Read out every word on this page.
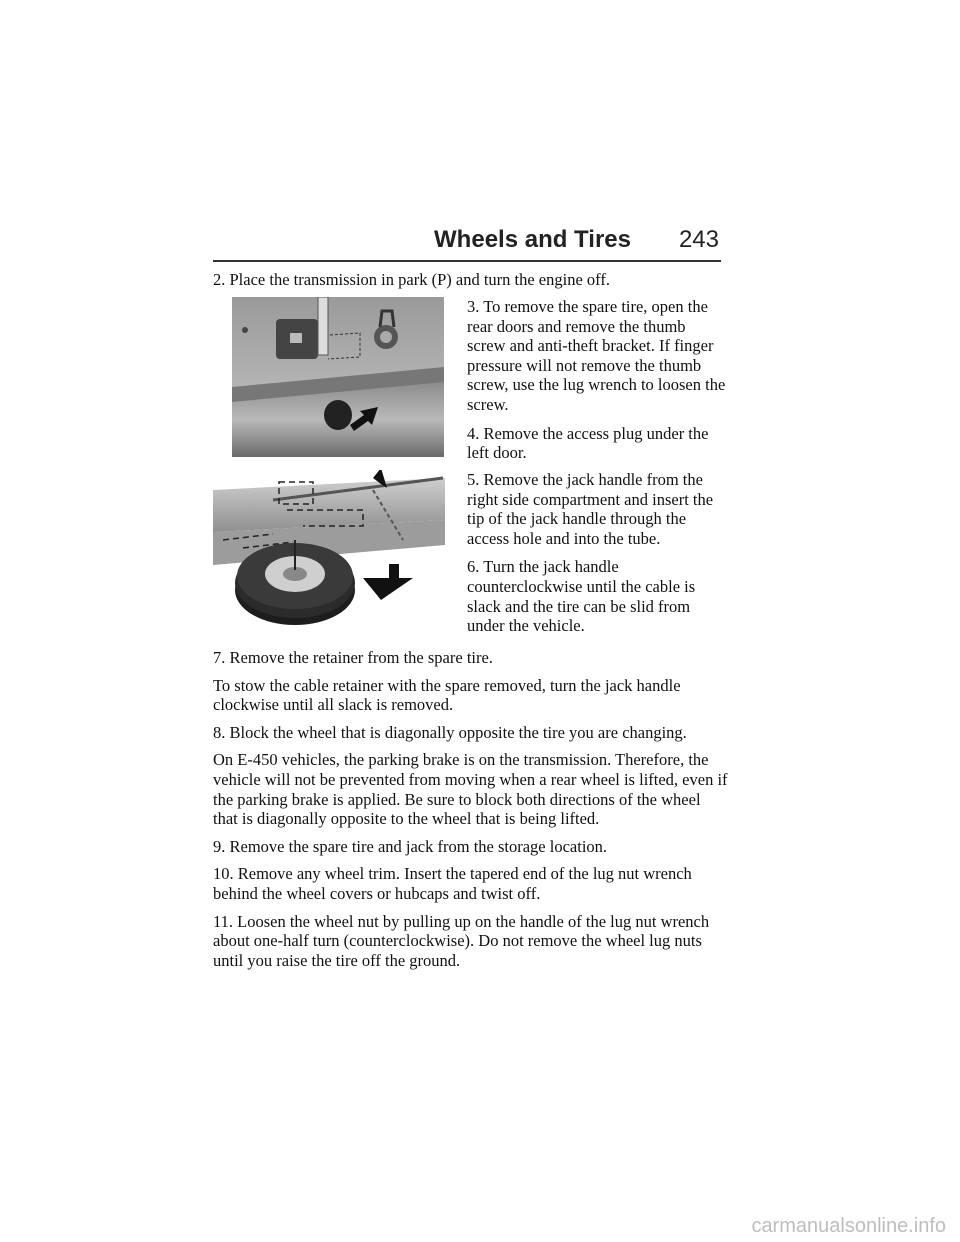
Wheels and Tires 243

2. Place the transmission in park (P) and turn the engine off.

3. To remove the spare tire, open the rear doors and remove the thumb screw and anti-theft bracket. If finger pressure will not remove the thumb screw, use the lug wrench to loosen the screw.

4. Remove the access plug under the left door.

5. Remove the jack handle from the right side compartment and insert the tip of the jack handle through the access hole and into the tube.

6. Turn the jack handle counterclockwise until the cable is slack and the tire can be slid from under the vehicle.

7. Remove the retainer from the spare tire.

To stow the cable retainer with the spare removed, turn the jack handle clockwise until all slack is removed.

8. Block the wheel that is diagonally opposite the tire you are changing.

On E-450 vehicles, the parking brake is on the transmission. Therefore, the vehicle will not be prevented from moving when a rear wheel is lifted, even if the parking brake is applied. Be sure to block both directions of the wheel that is diagonally opposite to the wheel that is being lifted.

9. Remove the spare tire and jack from the storage location.

10. Remove any wheel trim. Insert the tapered end of the lug nut wrench behind the wheel covers or hubcaps and twist off.

11. Loosen the wheel nut by pulling up on the handle of the lug nut wrench about one-half turn (counterclockwise). Do not remove the wheel lug nuts until you raise the tire off the ground.

carmanualsonline.info
